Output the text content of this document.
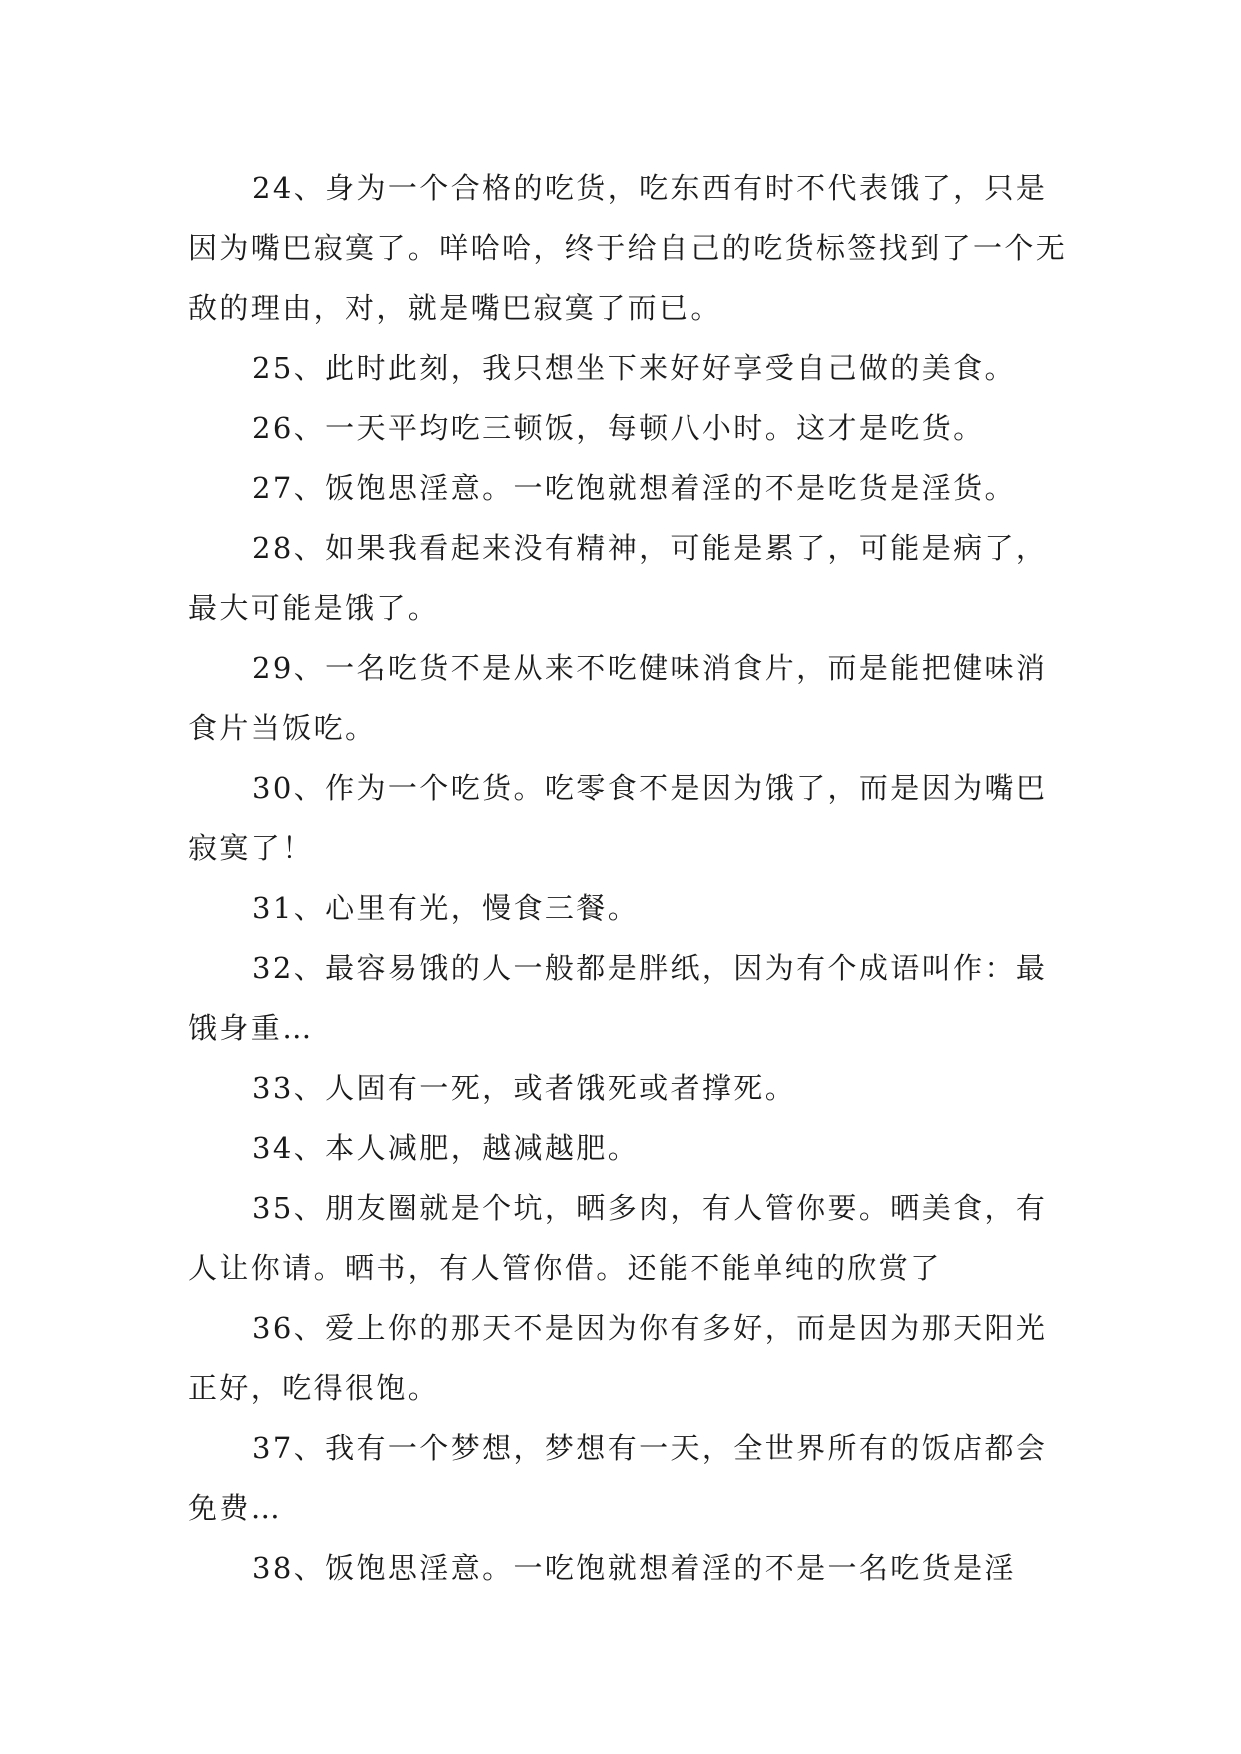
24、身为一个合格的吃货，吃东西有时不代表饿了，只是因为嘴巴寂寞了。咩哈哈，终于给自己的吃货标签找到了一个无敌的理由，对，就是嘴巴寂寞了而已。

25、此时此刻，我只想坐下来好好享受自己做的美食。

26、一天平均吃三顿饭，每顿八小时。这才是吃货。

27、饭饱思淫意。一吃饱就想着淫的不是吃货是淫货。

28、如果我看起来没有精神，可能是累了，可能是病了，最大可能是饿了。

29、一名吃货不是从来不吃健味消食片，而是能把健味消食片当饭吃。

30、作为一个吃货。吃零食不是因为饿了，而是因为嘴巴寂寞了！

31、心里有光，慢食三餐。

32、最容易饿的人一般都是胖纸，因为有个成语叫作：最饿身重…

33、人固有一死，或者饿死或者撑死。

34、本人减肥，越减越肥。

35、朋友圈就是个坑，晒多肉，有人管你要。晒美食，有人让你请。晒书，有人管你借。还能不能单纯的欣赏了

36、爱上你的那天不是因为你有多好，而是因为那天阳光正好，吃得很饱。

37、我有一个梦想，梦想有一天，全世界所有的饭店都会免费…

38、饭饱思淫意。一吃饱就想着淫的不是一名吃货是淫
